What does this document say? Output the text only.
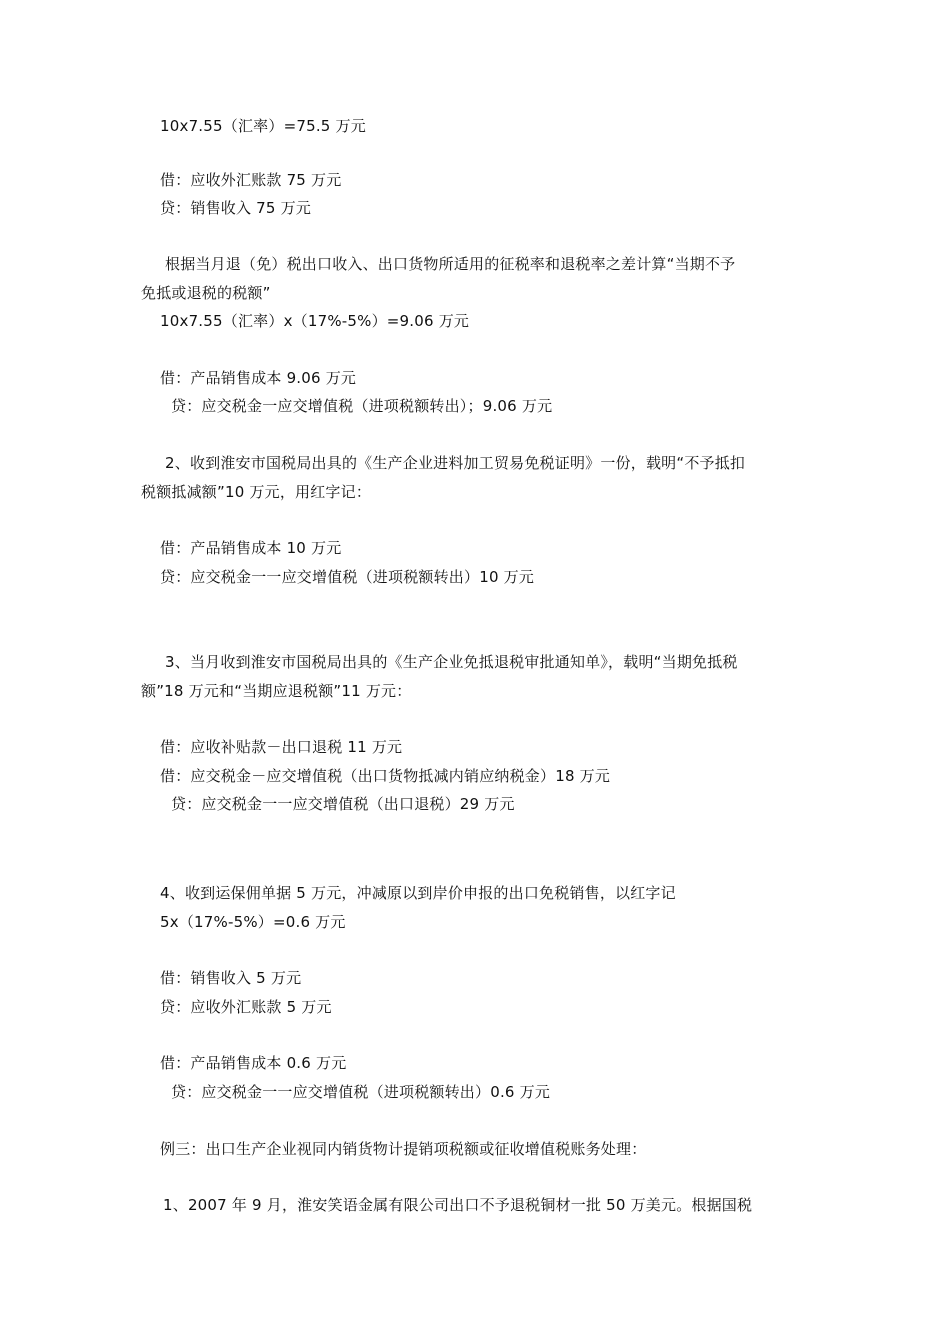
10x7.55（汇率）=75.5 万元
借：应收外汇账款 75 万元
贷：销售收入 75 万元
根据当月退（免）税出口收入、出口货物所适用的征税率和退税率之差计算“当期不予
免抵或退税的税额”
10x7.55（汇率）x（17%-5%）=9.06 万元
借：产品销售成本 9.06 万元
贷：应交税金一应交增值税（进项税额转出）；9.06 万元
2、收到淮安市国税局出具的《生产企业进料加工贸易免税证明》一份，载明“不予抵扣
税额抵减额”10 万元，用红字记：
借：产品销售成本 10 万元
贷：应交税金一一应交增值税（进项税额转出）10 万元
3、当月收到淮安市国税局出具的《生产企业免抵退税审批通知单》，载明“当期免抵税
额”18 万元和“当期应退税额”11 万元：
借：应收补贴款－出口退税 11 万元
借：应交税金－应交增值税（出口货物抵减内销应纳税金）18 万元
贷：应交税金一一应交增值税（出口退税）29 万元
4、收到运保佣单据 5 万元，冲减原以到岸价申报的出口免税销售，以红字记
5x（17%-5%）=0.6 万元
借：销售收入 5 万元
贷：应收外汇账款 5 万元
借：产品销售成本 0.6 万元
贷：应交税金一一应交增值税（进项税额转出）0.6 万元
例三：出口生产企业视同内销货物计提销项税额或征收增值税账务处理：
1、2007 年 9 月，淮安笑语金属有限公司出口不予退税铜材一批 50 万美元。根据国税
